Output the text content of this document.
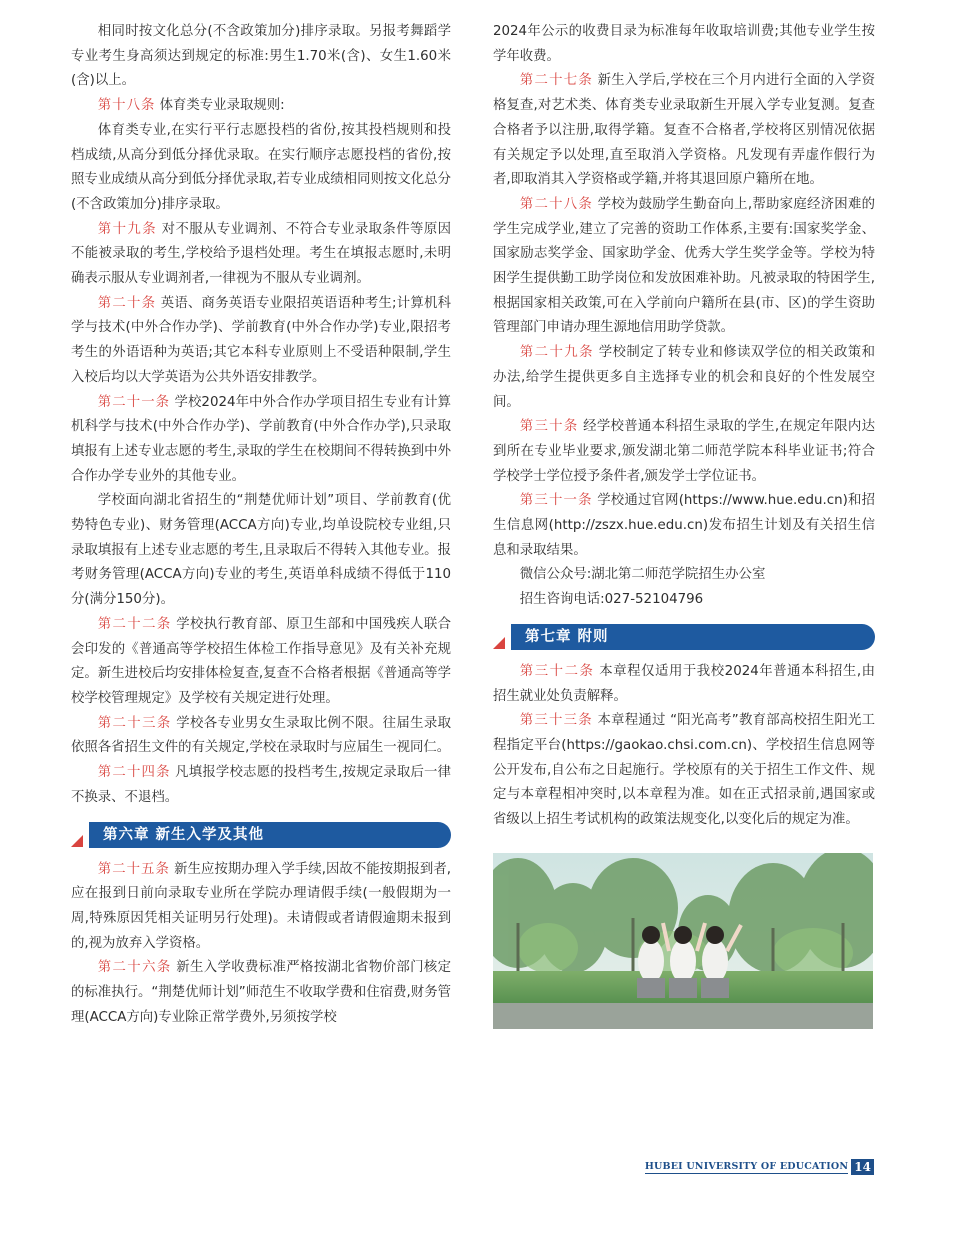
相同时按文化总分(不含政策加分)排序录取。另报考舞蹈学专业考生身高须达到规定的标准:男生1.70米(含)、女生1.60米(含)以上。

第十八条 体育类专业录取规则:

体育类专业,在实行平行志愿投档的省份,按其投档规则和投档成绩,从高分到低分择优录取。在实行顺序志愿投档的省份,按照专业成绩从高分到低分择优录取,若专业成绩相同则按文化总分(不含政策加分)排序录取。

第十九条 对不服从专业调剂、不符合专业录取条件等原因不能被录取的考生,学校给予退档处理。考生在填报志愿时,未明确表示服从专业调剂者,一律视为不服从专业调剂。

第二十条 英语、商务英语专业限招英语语种考生;计算机科学与技术(中外合作办学)、学前教育(中外合作办学)专业,限招考考生的外语语种为英语;其它本科专业原则上不受语种限制,学生入校后均以大学英语为公共外语安排教学。

第二十一条 学校2024年中外合作办学项目招生专业有计算机科学与技术(中外合作办学)、学前教育(中外合作办学),只录取填报有上述专业志愿的考生,录取的学生在校期间不得转换到中外合作办学专业外的其他专业。

学校面向湖北省招生的“荆楚优师计划”项目、学前教育(优势特色专业)、财务管理(ACCA方向)专业,均单设院校专业组,只录取填报有上述专业志愿的考生,且录取后不得转入其他专业。报考财务管理(ACCA方向)专业的考生,英语单科成绩不得低于110分(满分150分)。

第二十二条 学校执行教育部、原卫生部和中国残疾人联合会印发的《普通高等学校招生体检工作指导意见》及有关补充规定。新生进校后均安排体检复查,复查不合格者根据《普通高等学校学校管理规定》及学校有关规定进行处理。

第二十三条 学校各专业男女生录取比例不限。往届生录取依照各省招生文件的有关规定,学校在录取时与应届生一视同仁。

第二十四条 凡填报学校志愿的投档考生,按规定录取后一律不换录、不退档。

第六章 新生入学及其他

第二十五条 新生应按期办理入学手续,因故不能按期报到者,应在报到日前向录取专业所在学院办理请假手续(一般假期为一周,特殊原因凭相关证明另行处理)。未请假或者请假逾期未报到的,视为放弃入学资格。

第二十六条 新生入学收费标准严格按湖北省物价部门核定的标准执行。“荆楚优师计划”师范生不收取学费和住宿费,财务管理(ACCA方向)专业除正常学费外,另须按学校

2024年公示的收费目录为标准每年收取培训费;其他专业学生按学年收费。

第二十七条 新生入学后,学校在三个月内进行全面的入学资格复查,对艺术类、体育类专业录取新生开展入学专业复测。复查合格者予以注册,取得学籍。复查不合格者,学校将区别情况依据有关规定予以处理,直至取消入学资格。凡发现有弄虚作假行为者,即取消其入学资格或学籍,并将其退回原户籍所在地。

第二十八条 学校为鼓励学生勤奋向上,帮助家庭经济困难的学生完成学业,建立了完善的资助工作体系,主要有:国家奖学金、国家励志奖学金、国家助学金、优秀大学生奖学金等。学校为特困学生提供勤工助学岗位和发放困难补助。凡被录取的特困学生,根据国家相关政策,可在入学前向户籍所在县(市、区)的学生资助管理部门申请办理生源地信用助学贷款。

第二十九条 学校制定了转专业和修读双学位的相关政策和办法,给学生提供更多自主选择专业的机会和良好的个性发展空间。

第三十条 经学校普通本科招生录取的学生,在规定年限内达到所在专业毕业要求,颁发湖北第二师范学院本科毕业证书;符合学校学士学位授予条件者,颁发学士学位证书。

第三十一条 学校通过官网(https://www.hue.edu.cn)和招生信息网(http://zszx.hue.edu.cn)发布招生计划及有关招生信息和录取结果。

微信公众号:湖北第二师范学院招生办公室

招生咨询电话:027-52104796

第七章 附则

第三十二条 本章程仅适用于我校2024年普通本科招生,由招生就业处负责解释。

第三十三条 本章程通过 “阳光高考”教育部高校招生阳光工程指定平台(https://gaokao.chsi.com.cn)、学校招生信息网等公开发布,自公布之日起施行。学校原有的关于招生工作文件、规定与本章程相冲突时,以本章程为准。如在正式招录前,遇国家或省级以上招生考试机构的政策法规变化,以变化后的规定为准。

HUBEI UNIVERSITY OF EDUCATION 14
